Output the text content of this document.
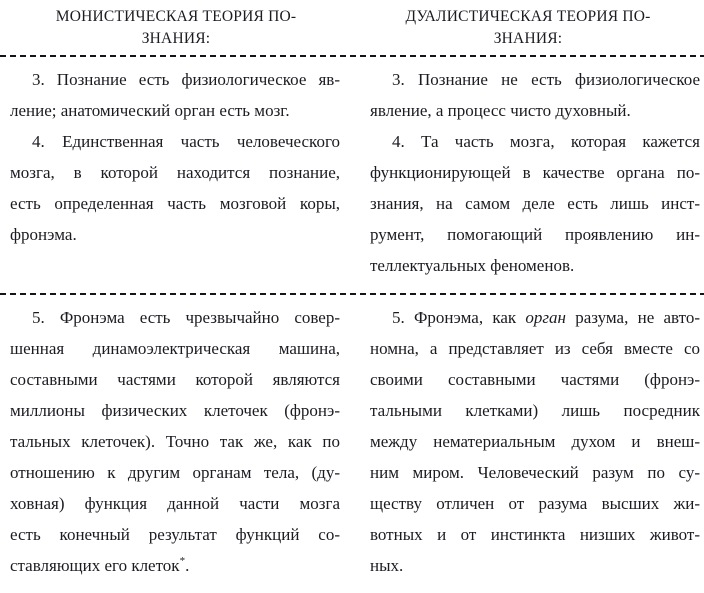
МОНИСТИЧЕСКАЯ ТЕОРИЯ ПО-
ЗНАНИЯ:
ДУАЛИСТИЧЕСКАЯ ТЕОРИЯ ПО-
ЗНАНИЯ:
3. Познание есть физиологическое яв-
ление; анатомический орган есть мозг.
4. Единственная часть человеческого
мозга, в которой находится познание,
есть определенная часть мозговой коры,
фронэма.
3. Познание не есть физиологическое
явление, а процесс чисто духовный.
4. Та часть мозга, которая кажется
функционирующей в качестве органа по-
знания, на самом деле есть лишь инст-
румент, помогающий проявлению ин-
теллектуальных феноменов.
5. Фронэма есть чрезвычайно совер-
шенная динамоэлектрическая машина,
составными частями которой являются
миллионы физических клеточек (фронэ-
тальных клеточек). Точно так же, как по
отношению к другим органам тела, (ду-
ховная) функция данной части мозга
есть конечный результат функций со-
ставляющих его клеток*.
5. Фронэма, как орган разума, не авто-
номна, а представляет из себя вместе со
своими составными частями (фронэ-
тальными клетками) лишь посредник
между нематериальным духом и внеш-
ним миром. Человеческий разум по су-
ществу отличен от разума высших жи-
вотных и от инстинкта низших живот-
ных.
